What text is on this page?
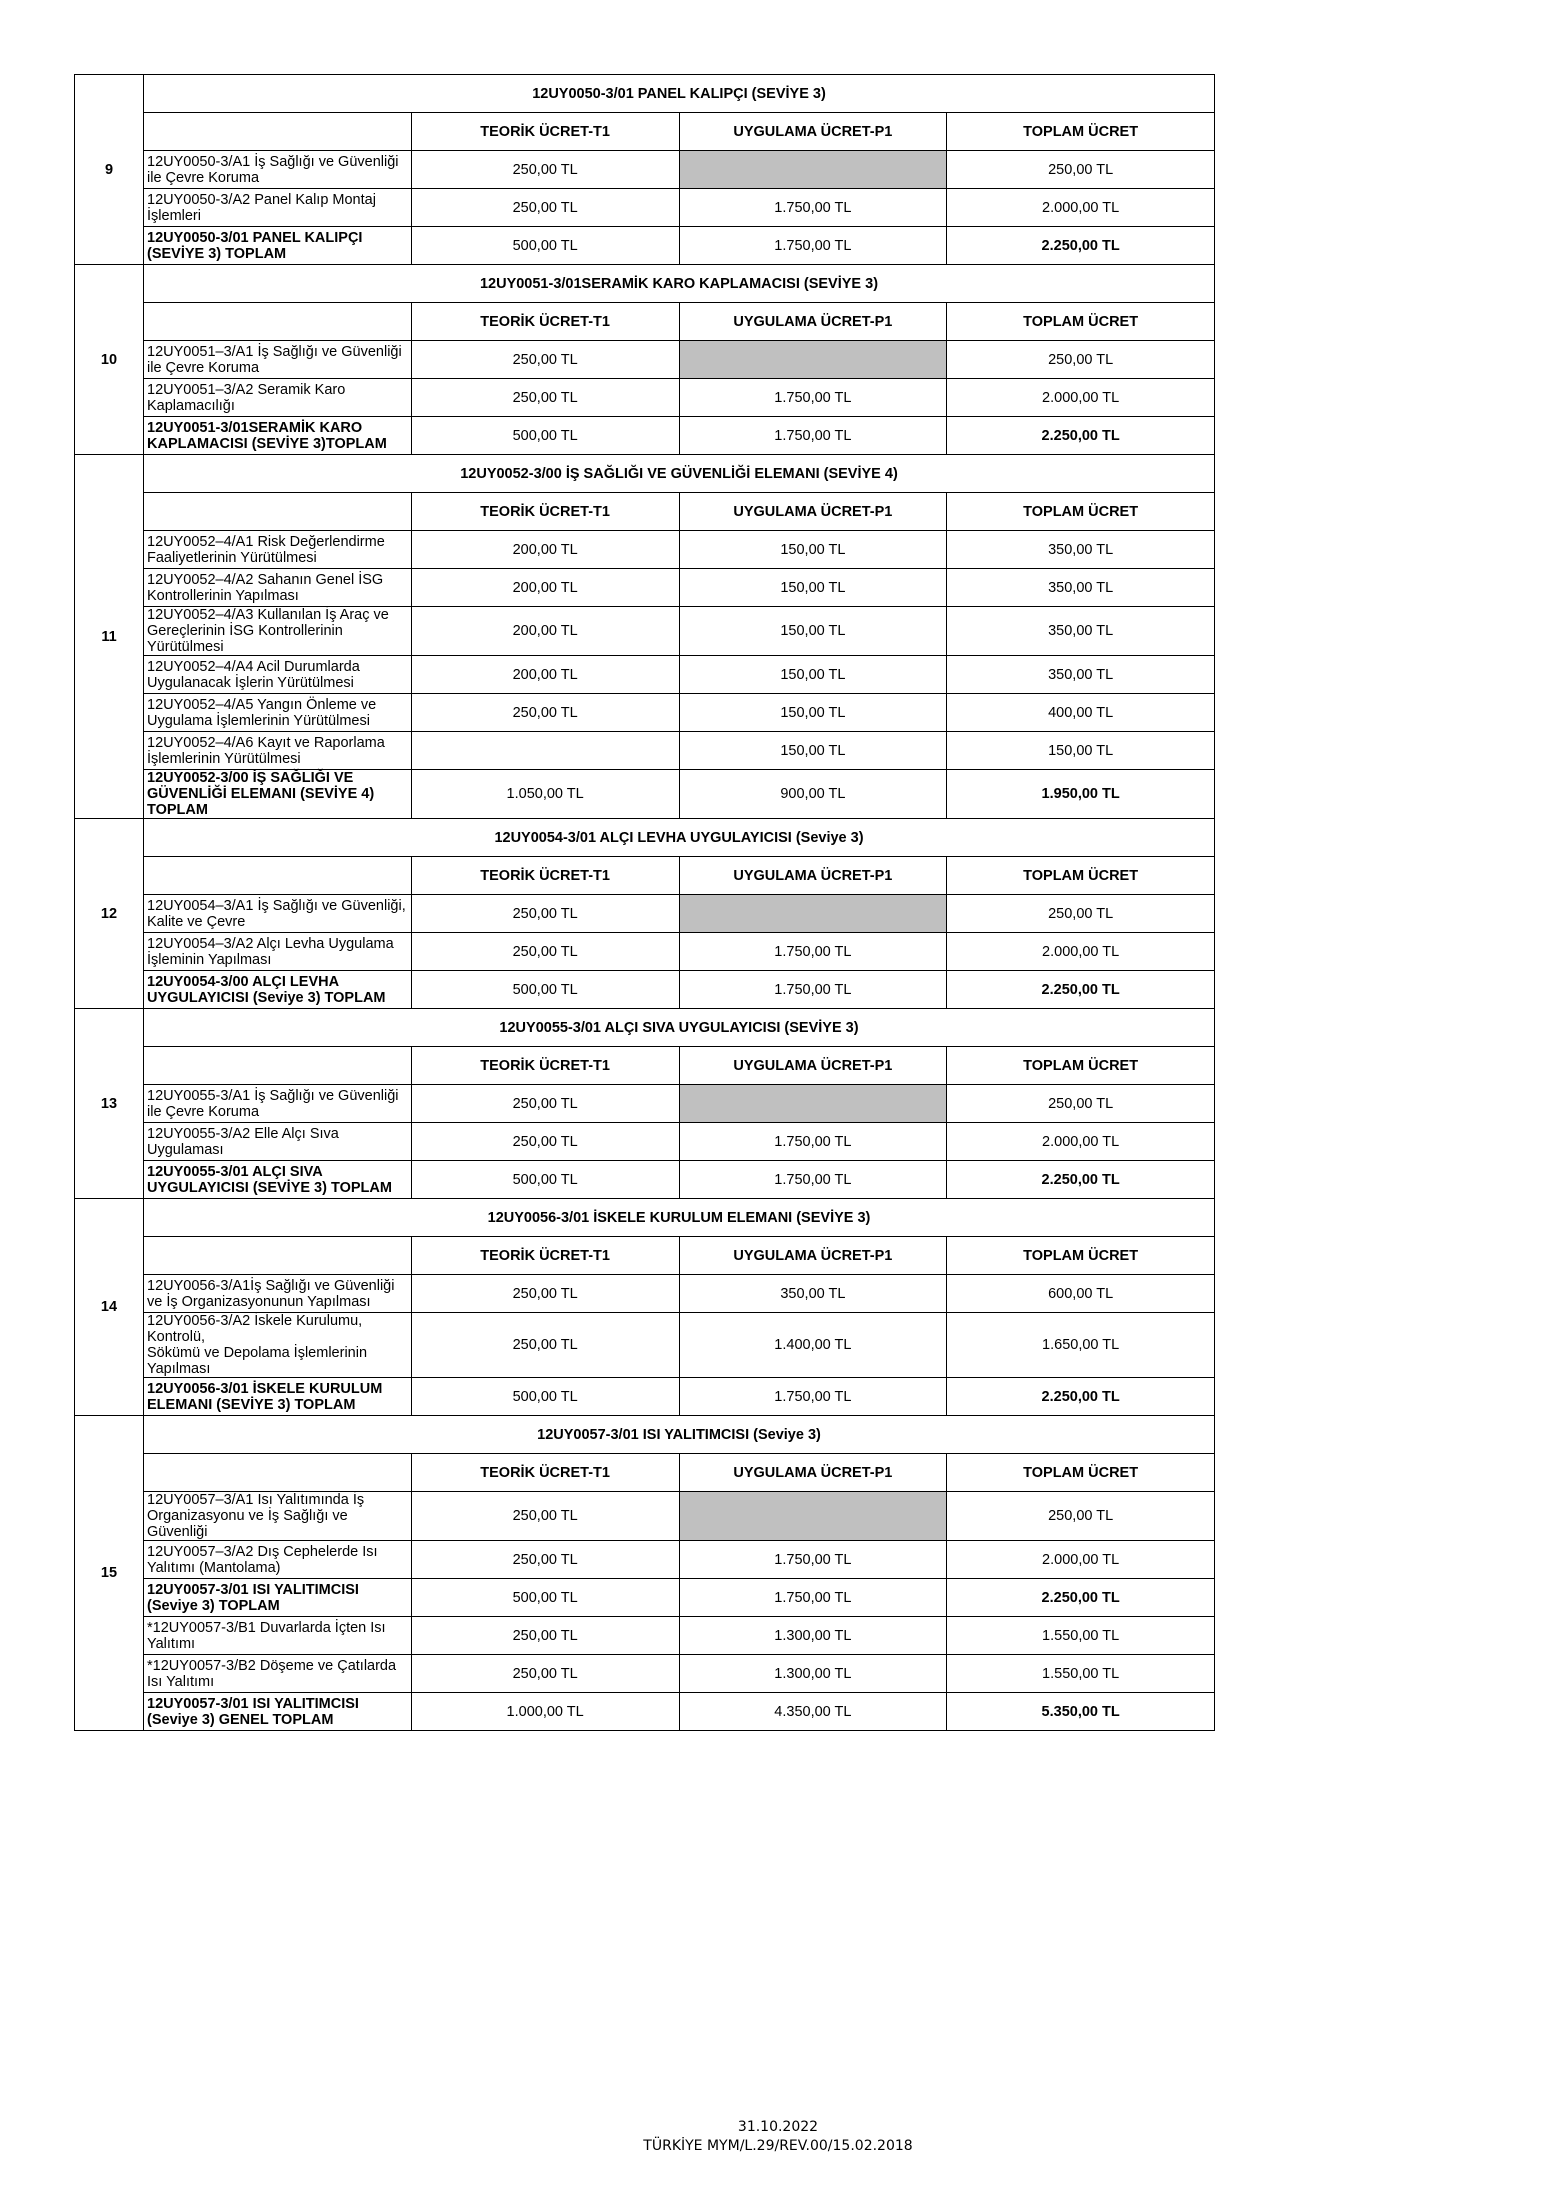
9	12UY0050-3/01 PANEL KALIPÇI (SEVİYE 3)			
		TEORİK ÜCRET-T1	UYGULAMA ÜCRET-P1	TOPLAM ÜCRET
	12UY0050-3/A1 İş Sağlığı ve Güvenliği ile Çevre Koruma	250,00 TL		250,00 TL
	12UY0050-3/A2 Panel Kalıp Montaj İşlemleri	250,00 TL	1.750,00 TL	2.000,00 TL
	12UY0050-3/01 PANEL KALIPÇI (SEVİYE 3) TOPLAM	500,00 TL	1.750,00 TL	2.250,00 TL
10	12UY0051-3/01SERAMİK KARO KAPLAMACISI (SEVİYE 3)			
		TEORİK ÜCRET-T1	UYGULAMA ÜCRET-P1	TOPLAM ÜCRET
	12UY0051–3/A1 İş Sağlığı ve Güvenliği ile Çevre Koruma	250,00 TL		250,00 TL
	12UY0051–3/A2 Seramik Karo Kaplamacılığı	250,00 TL	1.750,00 TL	2.000,00 TL
	12UY0051-3/01SERAMİK KARO KAPLAMACISI (SEVİYE 3)TOPLAM	500,00 TL	1.750,00 TL	2.250,00 TL
11	12UY0052-3/00 İŞ SAĞLIĞI VE GÜVENLİĞİ ELEMANI (SEVİYE 4)			
		TEORİK ÜCRET-T1	UYGULAMA ÜCRET-P1	TOPLAM ÜCRET
	12UY0052–4/A1 Risk Değerlendirme Faaliyetlerinin Yürütülmesi	200,00 TL	150,00 TL	350,00 TL
	12UY0052–4/A2 Sahanın Genel İSG Kontrollerinin Yapılması	200,00 TL	150,00 TL	350,00 TL
	12UY0052–4/A3 Kullanılan İş Araç ve Gereçlerinin İSG Kontrollerinin Yürütülmesi	200,00 TL	150,00 TL	350,00 TL
	12UY0052–4/A4 Acil Durumlarda Uygulanacak İşlerin Yürütülmesi	200,00 TL	150,00 TL	350,00 TL
	12UY0052–4/A5 Yangın Önleme ve Uygulama İşlemlerinin Yürütülmesi	250,00 TL	150,00 TL	400,00 TL
	12UY0052–4/A6 Kayıt ve Raporlama İşlemlerinin Yürütülmesi		150,00 TL	150,00 TL
	12UY0052-3/00 İŞ SAĞLIĞI VE GÜVENLİĞİ ELEMANI (SEVİYE 4) TOPLAM	1.050,00 TL	900,00 TL	1.950,00 TL
12	12UY0054-3/01 ALÇI LEVHA UYGULAYICISI (Seviye 3)			
		TEORİK ÜCRET-T1	UYGULAMA ÜCRET-P1	TOPLAM ÜCRET
	12UY0054–3/A1 İş Sağlığı ve Güvenliği, Kalite ve Çevre	250,00 TL		250,00 TL
	12UY0054–3/A2 Alçı Levha Uygulama İşleminin Yapılması	250,00 TL	1.750,00 TL	2.000,00 TL
	12UY0054-3/00 ALÇI LEVHA UYGULAYICISI (Seviye 3) TOPLAM	500,00 TL	1.750,00 TL	2.250,00 TL
13	12UY0055-3/01 ALÇI SIVA UYGULAYICISI (SEVİYE 3)			
		TEORİK ÜCRET-T1	UYGULAMA ÜCRET-P1	TOPLAM ÜCRET
	12UY0055-3/A1 İş Sağlığı ve Güvenliği ile Çevre Koruma	250,00 TL		250,00 TL
	12UY0055-3/A2 Elle Alçı Sıva Uygulaması	250,00 TL	1.750,00 TL	2.000,00 TL
	12UY0055-3/01 ALÇI SIVA UYGULAYICISI (SEVİYE 3) TOPLAM	500,00 TL	1.750,00 TL	2.250,00 TL
14	12UY0056-3/01 İSKELE KURULUM ELEMANI (SEVİYE 3)			
		TEORİK ÜCRET-T1	UYGULAMA ÜCRET-P1	TOPLAM ÜCRET
	12UY0056-3/A1İş Sağlığı ve Güvenliği ve İş Organizasyonunun Yapılması	250,00 TL	350,00 TL	600,00 TL
	12UY0056-3/A2 İskele Kurulumu, Kontrolü,
Sökümü ve Depolama İşlemlerinin Yapılması	250,00 TL	1.400,00 TL	1.650,00 TL
	12UY0056-3/01 İSKELE KURULUM ELEMANI (SEVİYE 3) TOPLAM	500,00 TL	1.750,00 TL	2.250,00 TL
15	12UY0057-3/01 ISI YALITIMCISI (Seviye 3)			
		TEORİK ÜCRET-T1	UYGULAMA ÜCRET-P1	TOPLAM ÜCRET
	12UY0057–3/A1 Isı Yalıtımında İş
Organizasyonu ve İş Sağlığı ve Güvenliği	250,00 TL		250,00 TL
	12UY0057–3/A2 Dış Cephelerde Isı Yalıtımı (Mantolama)	250,00 TL	1.750,00 TL	2.000,00 TL
	12UY0057-3/01 ISI YALITIMCISI (Seviye 3) TOPLAM	500,00 TL	1.750,00 TL	2.250,00 TL
	*12UY0057-3/B1 Duvarlarda İçten Isı Yalıtımı	250,00 TL	1.300,00 TL	1.550,00 TL
	*12UY0057-3/B2 Döşeme ve Çatılarda Isı Yalıtımı	250,00 TL	1.300,00 TL	1.550,00 TL
	12UY0057-3/01 ISI YALITIMCISI (Seviye 3) GENEL TOPLAM	1.000,00 TL	4.350,00 TL	5.350,00 TL
31.10.2022
TÜRKİYE MYM/L.29/REV.00/15.02.2018
